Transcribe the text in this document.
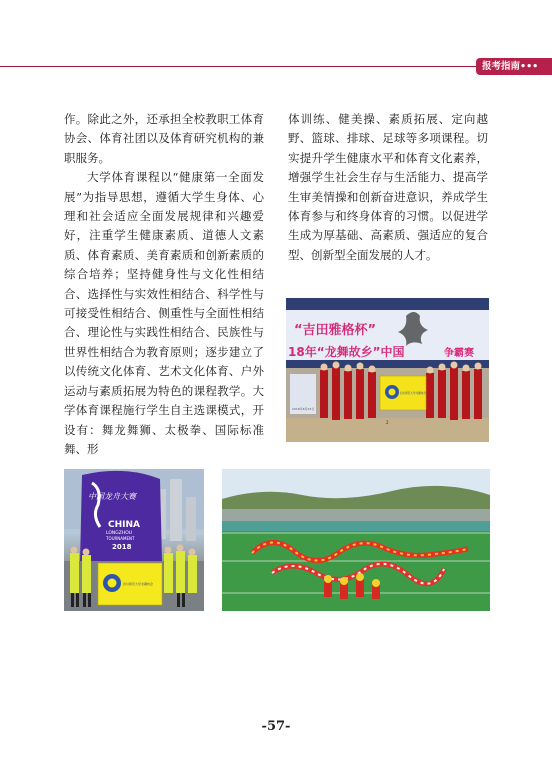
报考指南•••

作。除此之外，还承担全校教职工体育协会、体育社团以及体育研究机构的兼职服务。

大学体育课程以“健康第一全面发展”为指导思想，遵循大学生身体、心理和社会适应全面发展规律和兴趣爱好，注重学生健康素质、道德人文素质、体育素质、美育素质和创新素质的综合培养；坚持健身性与文化性相结合、选择性与实效性相结合、科学性与可接受性相结合、侧重性与全面性相结合、理论性与实践性相结合、民族性与世界性相结合为教育原则；逐步建立了以传统文化体育、艺术文化体育、户外运动与素质拓展为特色的课程教学。大学体育课程施行学生自主选课模式，开设有：舞龙舞狮、太极拳、国际标准舞、形

体训练、健美操、素质拓展、定向越野、篮球、排球、足球等多项课程。切实提升学生健康水平和体育文化素养，增强学生社会生存与生活能力、提高学生审美情操和创新奋进意识，养成学生体育参与和终身体育的习惯。以促进学生成为厚基础、高素质、强适应的复合型、创新型全面发展的人才。

“吉田雅格杯”
18年“龙舞故乡”中国	争霸赛
2018年8月25日
四川师范大学龙狮协会
2
中国龙舟大赛
CHINA
LONGZHOU
TOURNAMENT
2018
四川师范大学龙狮协会
-57-
